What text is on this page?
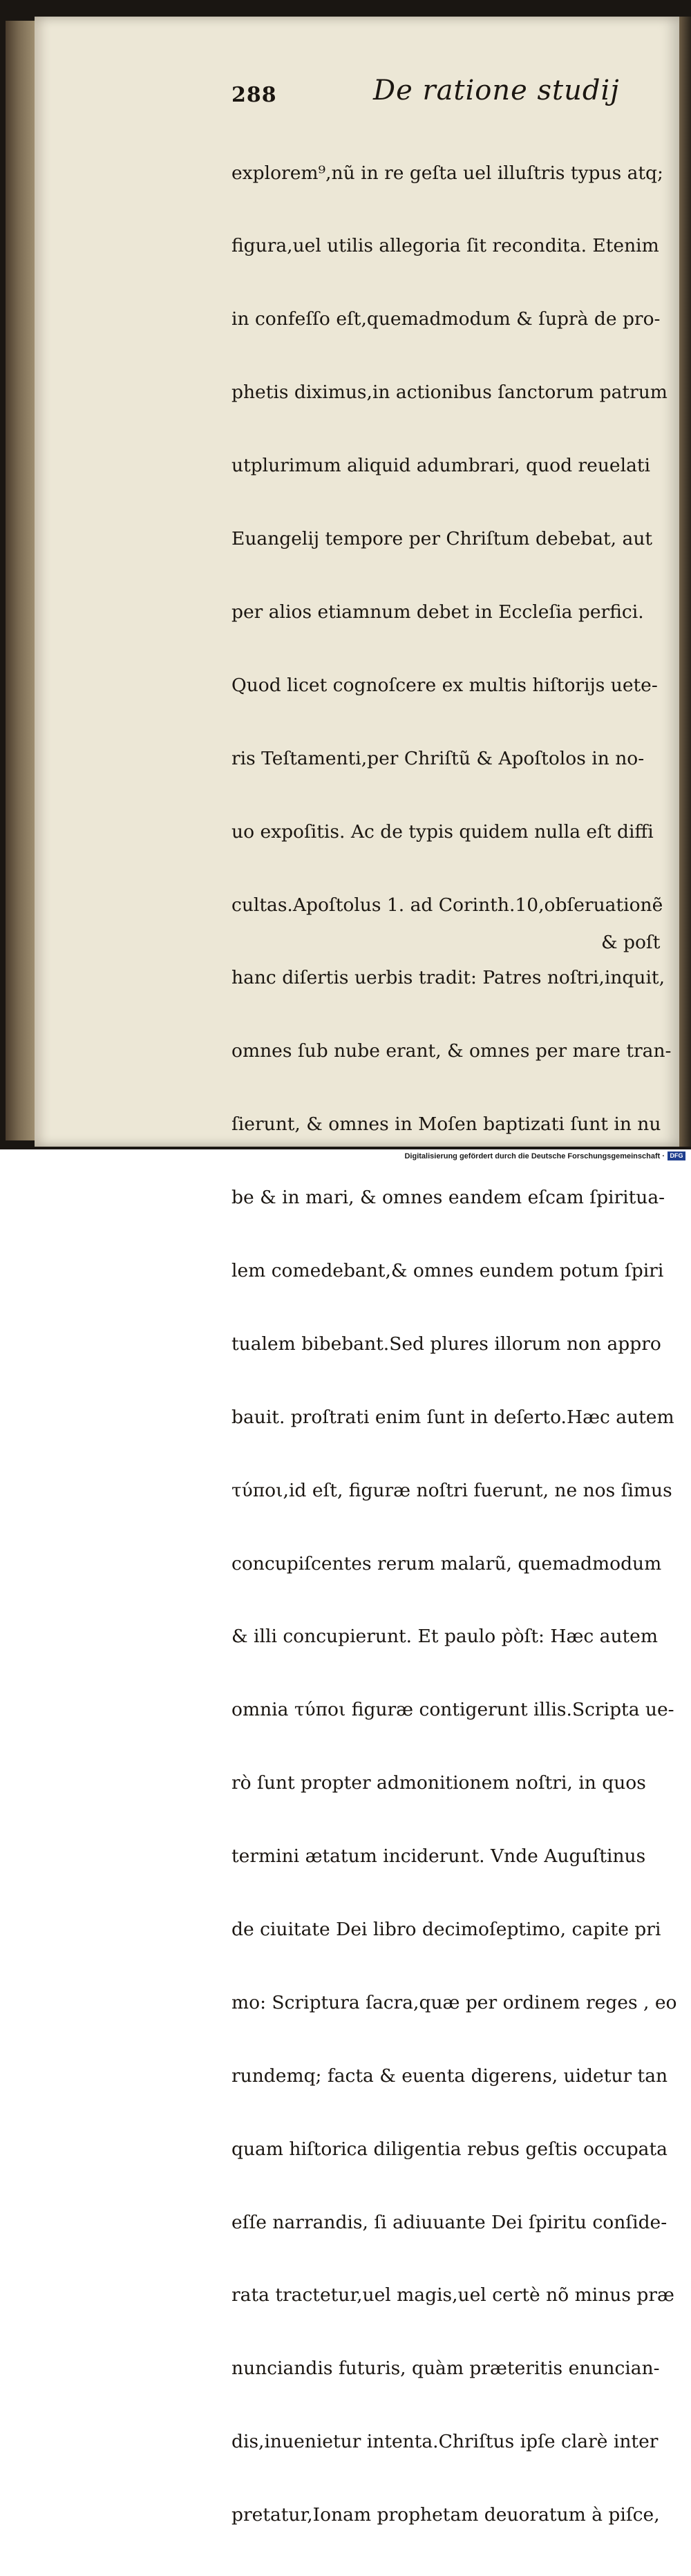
288	De ratione studij

explorem⁹,nũ in re geſta uel illuſtris typus atq;

figura,uel utilis allegoria ſit recondita. Etenim

in confeſſo eſt,quemadmodum & ſuprà de pro-

phetis diximus,in actionibus ſanctorum patrum

utplurimum aliquid adumbrari, quod reuelati

Euangelij tempore per Chriſtum debebat, aut

per alios etiamnum debet in Eccleſia perfici.

Quod licet cognoſcere ex multis hiſtorijs uete-

ris Teſtamenti,per Chriſtũ & Apoſtolos in no-

uo expoſitis. Ac de typis quidem nulla eſt diffi

cultas.Apoſtolus 1. ad Corinth.10,obſeruationẽ

hanc diſertis uerbis tradit: Patres noſtri,inquit,

omnes ſub nube erant, & omnes per mare tran-

ſierunt, & omnes in Moſen baptizati ſunt in nu

be & in mari, & omnes eandem eſcam ſpiritua-

lem comedebant,& omnes eundem potum ſpiri

tualem bibebant.Sed plures illorum non appro

bauit. proſtrati enim ſunt in deſerto.Hæc autem

τύποι,id eſt, figuræ noſtri fuerunt, ne nos ſimus

concupiſcentes rerum malarũ, quemadmodum

& illi concupierunt. Et paulo pòſt: Hæc autem

omnia τύποι figuræ contigerunt illis.Scripta ue-

rò ſunt propter admonitionem noſtri, in quos

termini ætatum inciderunt. Vnde Auguſtinus

de ciuitate Dei libro decimoſeptimo, capite pri

mo: Scriptura ſacra,quæ per ordinem reges , eo

rundemq; facta & euenta digerens, uidetur tan

quam hiſtorica diligentia rebus geſtis occupata

eſſe narrandis, ſi adiuuante Dei ſpiritu conſide-

rata tractetur,uel magis,uel certè nõ minus præ

nunciandis futuris, quàm præteritis enuncian-

dis,inuenietur intenta.Chriſtus ipſe clarè inter

pretatur,Ionam prophetam deuoratum à piſce,

& poſt
Digitalisierung gefördert durch die Deutsche Forschungsgemeinschaft · DFG
